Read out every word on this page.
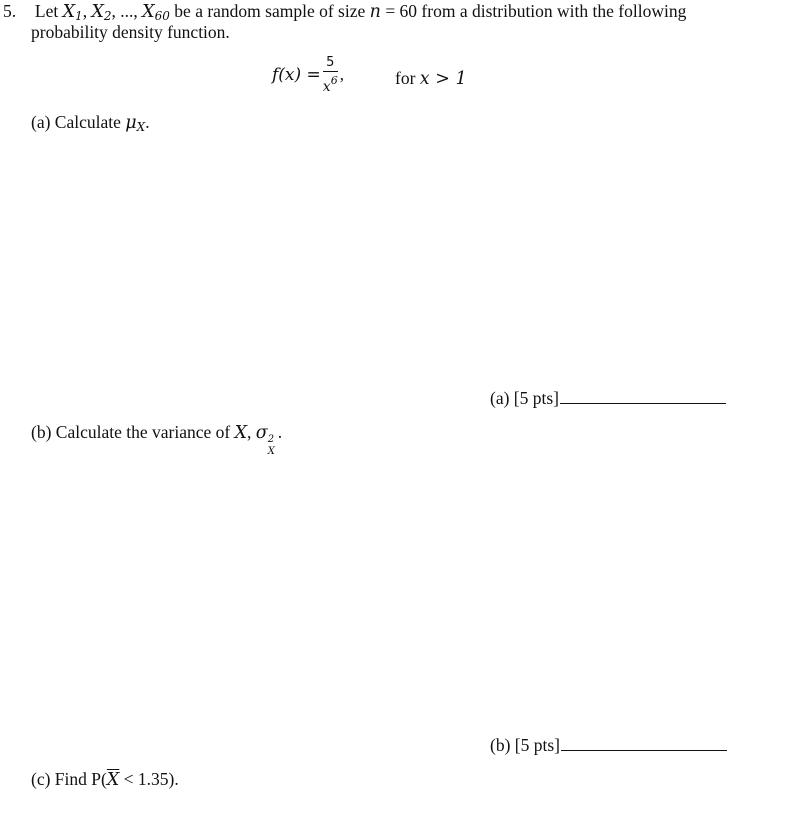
5. Let $X_1$, $X_2$, ..., $X_{60}$ be a random sample of size n = 60 from a distribution with the following
probability density function.
$f(x) = \frac{5}{x^6}$ ,	for x > 1
(a) Calculate $\mu_X$.
(a) [5 pts]
(b) Calculate the variance of X, σ 2
X
.
(b) [5 pts]
(c) Find $P(\overline{X} < 1.35)$.
